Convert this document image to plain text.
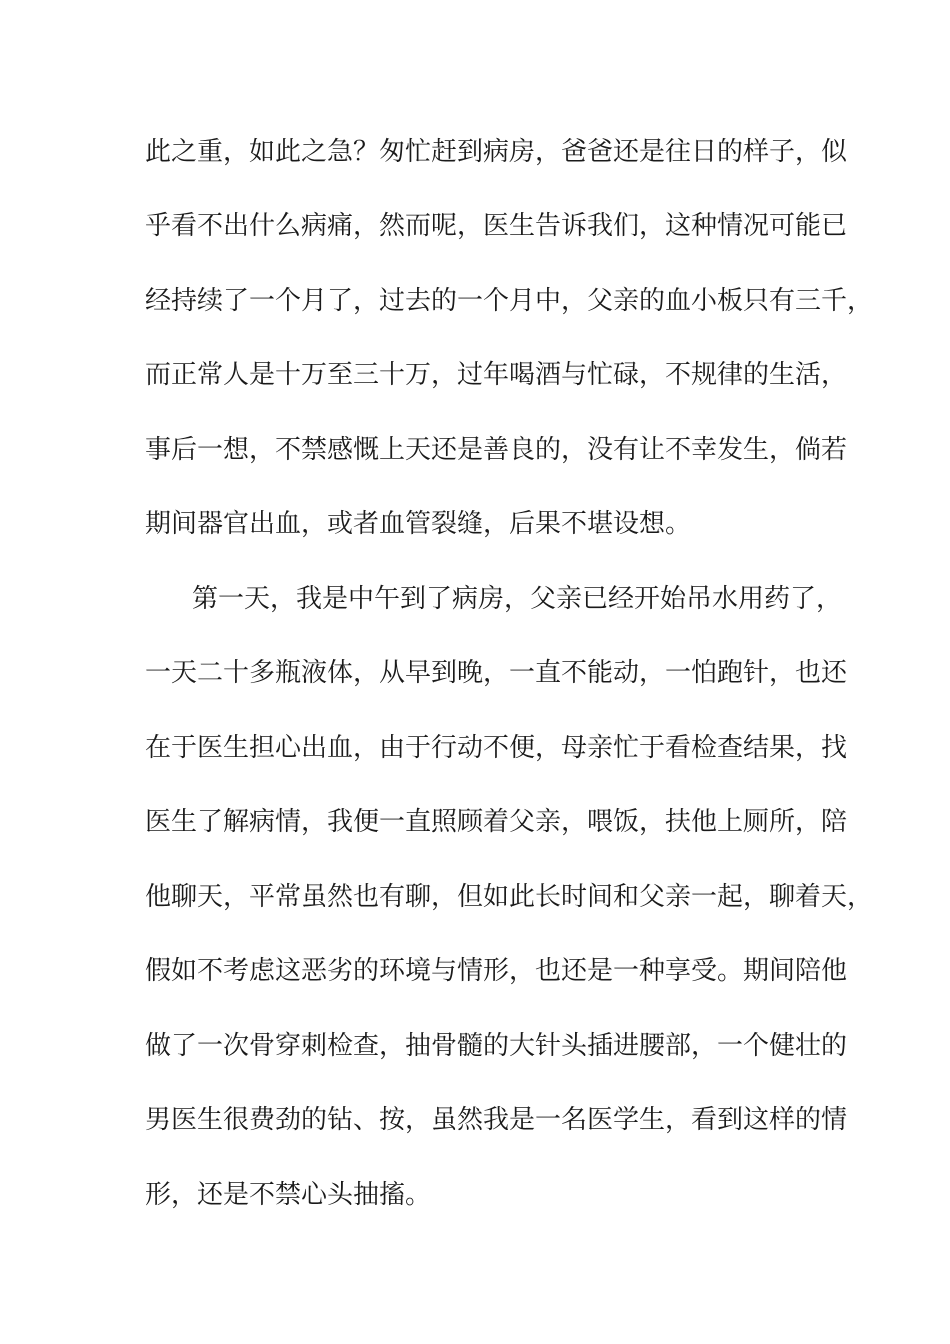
此之重，如此之急？匆忙赶到病房，爸爸还是往日的样子，似
乎看不出什么病痛，然而呢，医生告诉我们，这种情况可能已
经持续了一个月了，过去的一个月中，父亲的血小板只有三千，
而正常人是十万至三十万，过年喝酒与忙碌，不规律的生活，
事后一想，不禁感慨上天还是善良的，没有让不幸发生，倘若
期间器官出血，或者血管裂缝，后果不堪设想。
第一天，我是中午到了病房，父亲已经开始吊水用药了，
一天二十多瓶液体，从早到晚，一直不能动，一怕跑针，也还
在于医生担心出血，由于行动不便，母亲忙于看检查结果，找
医生了解病情，我便一直照顾着父亲，喂饭，扶他上厕所，陪
他聊天，平常虽然也有聊，但如此长时间和父亲一起，聊着天，
假如不考虑这恶劣的环境与情形，也还是一种享受。期间陪他
做了一次骨穿刺检查，抽骨髓的大针头插进腰部，一个健壮的
男医生很费劲的钻、按，虽然我是一名医学生，看到这样的情
形，还是不禁心头抽搐。
